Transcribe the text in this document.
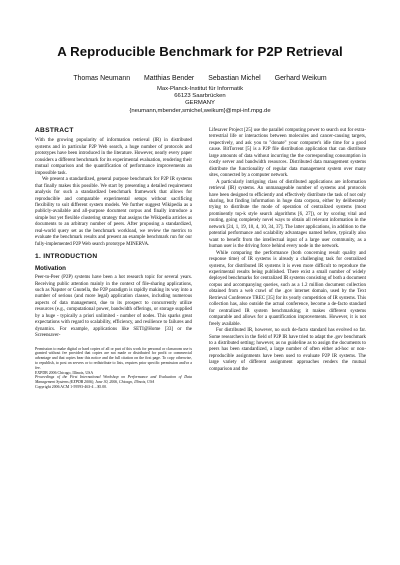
A Reproducible Benchmark for P2P Retrieval
Thomas Neumann Matthias Bender Sebastian Michel Gerhard Weikum
Max-Planck-Institut für Informatik
66123 Saarbrücken
GERMANY
{neumann,mbender,smichel,weikum}@mpi-inf.mpg.de
ABSTRACT

With the growing popularity of information retrieval (IR) in distributed systems and in particular P2P Web search, a huge number of protocols and prototypes have been introduced in the literature. However, nearly every paper considers a different benchmark for its experimental evaluation, rendering their mutual comparison and the quantification of performance improvements an impossible task.

We present a standardized, general purpose benchmark for P2P IR systems that finally makes this possible. We start by presenting a detailed requirement analysis for such a standardized benchmark framework that allows for reproducible and comparable experimental setups without sacrificing flexibility to suit different system models. We further suggest Wikipedia as a publicly-available and all-purpose document corpus and finally introduce a simple but yet flexible clustering strategy that assigns the Wikipedia articles as documents to an arbitrary number of peers. After proposing a standardized, real-world query set as the benchmark workload, we review the metrics to evaluate the benchmark results and present an example benchmark run for our fully-implemented P2P Web search prototype MINERVA.

1. INTRODUCTION
Motivation

Peer-to-Peer (P2P) systems have been a hot research topic for several years. Receiving public attention mainly in the context of file-sharing applications, such as Napster or Gnutella, the P2P paradigm is rapidly making its way into a number of serious (and more legal) application classes, including numerous aspects of data management, due to its prospect to concurrently utilize resources (e.g., computational power, bandwidth offerings, or storage supplied by a huge - typically a priori unlimited - number of nodes. This sparks great expectations with regard to scalability, efficiency, and resilience to failures and dynamics. For example, applications like SETI@Home [33] or the Screensaver-

Permission to make digital or hard copies of all or part of this work for personal or classroom use is granted without fee provided that copies are not made or distributed for profit or commercial advantage and that copies bear this notice and the full citation on the first page. To copy otherwise, to republish, to post on servers or to redistribute to lists, requires prior specific permission and/or a fee.
EXPDB 2006 Chicago, Illinois, USA
Proceedings of the First International Workshop on Performance and Evaluation of Data Management Systems (EXPDB 2006), June 30, 2006, Chicago, Illinois, USA
Copyright 2006 ACM 1-59593-463-4 ...$5.00.

Lifesaver Project [25] use the parallel computing power to search out for extra-terrestrial life or interactions between molecules and cancer-causing targets, respectively, and ask you to "donate" your computer's idle time for a good cause. BitTorrent [5] is a P2P file distribution application that can distribute large amounts of data without incurring the the corresponding consumption in costly server and bandwidth resources. Distributed data management systems distribute the functionality of regular data management system over many sites, connected by a computer network.

A particularly intriguing class of distributed applications are information retrieval (IR) systems. An unmanageable number of systems and protocols have been designed to efficiently and effectively distribute the task of not only sharing, but finding information in huge data corpora, either by deliberately trying to distribute the mode of operation of centralized systems (most prominently top-k style search algorithms [6, 27]), or by scoring vital and routing, going completely novel ways to obtain all relevant information in the network [24, 1, 19, 10, 4, 10, 34, 37]. The latter applications, in addition to the potential performance and scalability advantages named before, typically also want to benefit from the intellectual input of a large user community, as a human user is the driving force behind every node in the network.

While comparing the performance (both concerning result quality and response time) of IR systems is already a challenging task for centralized systems, for distributed IR systems it is even more difficult to reproduce the experimental results being published. There exist a small number of widely deployed benchmarks for centralized IR systems consisting of both a document corpus and accompanying queries, such as a 1.2 million document collection obtained from a web crawl of the .gov internet domain, used by the Text Retrieval Conference TREC [35] for its yearly competition of IR systems. This collection has, also outside the actual conference, become a de-facto standard for centralized IR system benchmarking; it makes different systems comparable and allows for a quantification improvements. However, it is not freely available.

For distributed IR, however, no such de-facto standard has evolved so far. Some researchers in the field of P2P IR have tried to adapt the .gov benchmark to a distributed setting; however, as no guideline as to assign the documents to peers has been standardized, a large number of often either ad-hoc or non-reproducible assignments have been used to evaluate P2P IR systems. The large variety of different assignment approaches renders the mutual comparison and the
